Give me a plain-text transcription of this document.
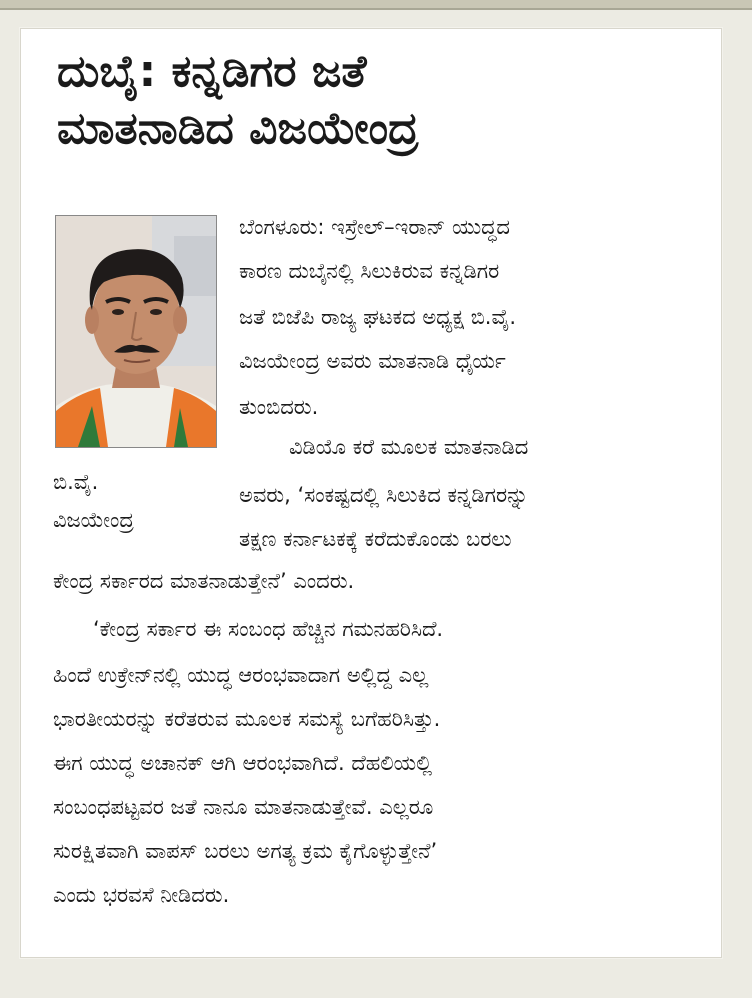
ದುಬೈ: ಕನ್ನಡಿಗರ ಜತೆ
ಮಾತನಾಡಿದ ವಿಜಯೇಂದ್ರ
ಬಿ.ವೈ.
ವಿಜಯೇಂದ್ರ
ಬೆಂಗಳೂರು: ಇಸ್ರೇಲ್–ಇರಾನ್ ಯುದ್ಧದ
ಕಾರಣ ದುಬೈನಲ್ಲಿ ಸಿಲುಕಿರುವ ಕನ್ನಡಿಗರ
ಜತೆ ಬಿಜೆಪಿ ರಾಜ್ಯ ಘಟಕದ ಅಧ್ಯಕ್ಷ ಬಿ.ವೈ.
ವಿಜಯೇಂದ್ರ ಅವರು ಮಾತನಾಡಿ ಧೈರ್ಯ
ತುಂಬಿದರು.
ವಿಡಿಯೊ ಕರೆ ಮೂಲಕ ಮಾತನಾಡಿದ
ಅವರು, ‘ಸಂಕಷ್ಟದಲ್ಲಿ ಸಿಲುಕಿದ ಕನ್ನಡಿಗರನ್ನು
ತಕ್ಷಣ ಕರ್ನಾಟಕಕ್ಕೆ ಕರೆದುಕೊಂಡು ಬರಲು
ಕೇಂದ್ರ ಸರ್ಕಾರದ ಮಾತನಾಡುತ್ತೇನೆ’ ಎಂದರು.
‘ಕೇಂದ್ರ ಸರ್ಕಾರ ಈ ಸಂಬಂಧ ಹೆಚ್ಚಿನ ಗಮನಹರಿಸಿದೆ.
ಹಿಂದೆ ಉಕ್ರೇನ್‌ನಲ್ಲಿ ಯುದ್ಧ ಆರಂಭವಾದಾಗ ಅಲ್ಲಿದ್ದ ಎಲ್ಲ
ಭಾರತೀಯರನ್ನು ಕರೆತರುವ ಮೂಲಕ ಸಮಸ್ಯೆ ಬಗೆಹರಿಸಿತ್ತು.
ಈಗ ಯುದ್ಧ ಅಚಾನಕ್ ಆಗಿ ಆರಂಭವಾಗಿದೆ. ದೆಹಲಿಯಲ್ಲಿ
ಸಂಬಂಧಪಟ್ಟವರ ಜತೆ ನಾನೂ ಮಾತನಾಡುತ್ತೇವೆ. ಎಲ್ಲರೂ
ಸುರಕ್ಷಿತವಾಗಿ ವಾಪಸ್ ಬರಲು ಅಗತ್ಯ ಕ್ರಮ ಕೈಗೊಳ್ಳುತ್ತೇನೆ’
ಎಂದು ಭರವಸೆ ನೀಡಿದರು.
